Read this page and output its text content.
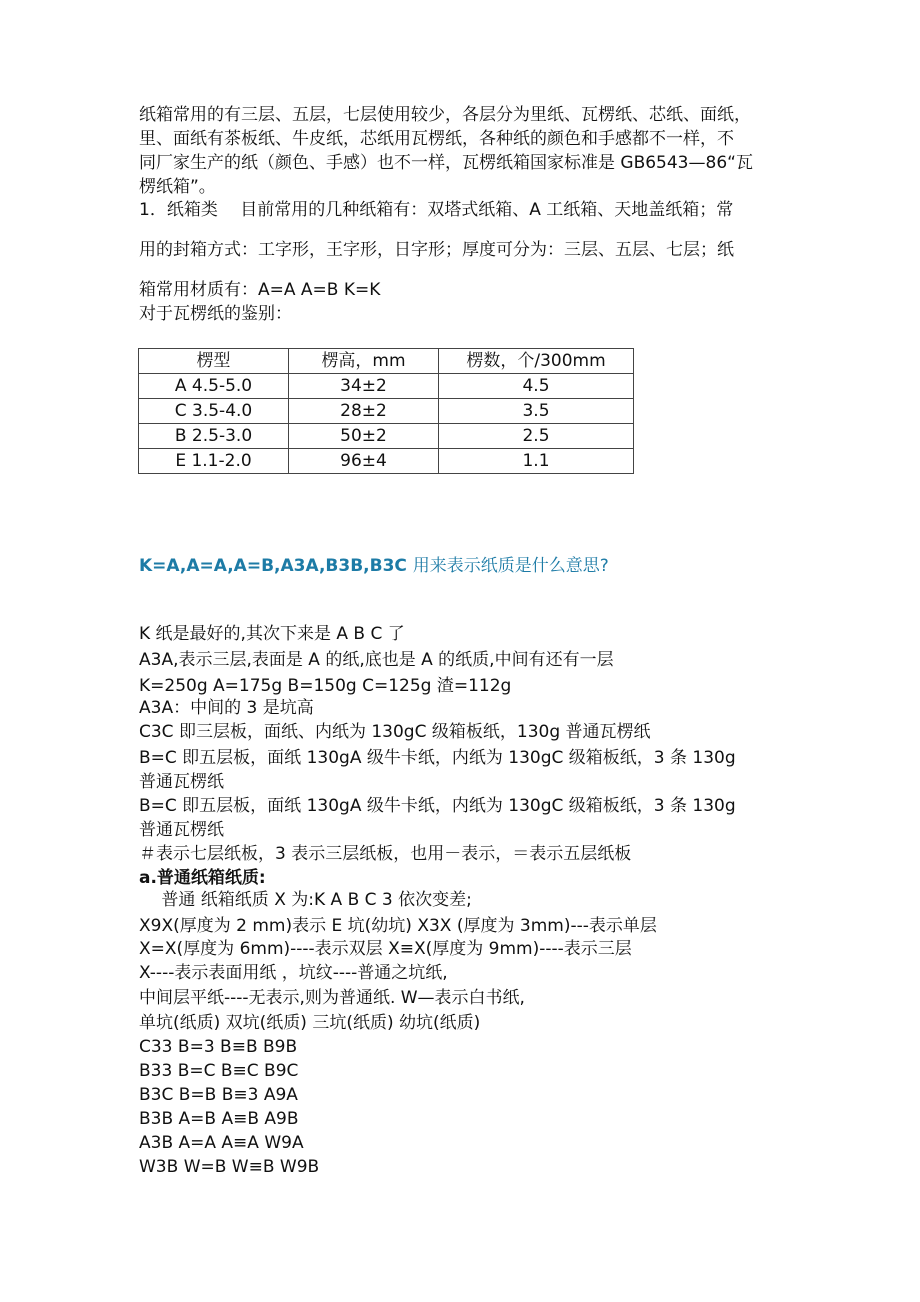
纸箱常用的有三层、五层，七层使用较少，各层分为里纸、瓦楞纸、芯纸、面纸，
里、面纸有茶板纸、牛皮纸，芯纸用瓦楞纸，各种纸的颜色和手感都不一样，不
同厂家生产的纸（颜色、手感）也不一样，瓦楞纸箱国家标准是 GB6543—86“瓦
楞纸箱”。
1．纸箱类　 目前常用的几种纸箱有：双塔式纸箱、A 工纸箱、天地盖纸箱；常
用的封箱方式：工字形，王字形，日字形；厚度可分为：三层、五层、七层；纸
箱常用材质有：A=A A=B K=K
对于瓦楞纸的鉴别：
楞型	楞高，mm	楞数，个/300mm
A 4.5-5.0	34±2	4.5
C 3.5-4.0	28±2	3.5
B 2.5-3.0	50±2	2.5
E 1.1-2.0	96±4	1.1
K=A,A=A,A=B,A3A,B3B,B3C 用来表示纸质是什么意思?
K 纸是最好的,其次下来是 A B C 了
A3A,表示三层,表面是 A 的纸,底也是 A 的纸质,中间有还有一层
K=250g A=175g B=150g C=125g 渣=112g
A3A：中间的 3 是坑高
C3C 即三层板，面纸、内纸为 130gC 级箱板纸，130g 普通瓦楞纸
B=C 即五层板，面纸 130gA 级牛卡纸，内纸为 130gC 级箱板纸，3 条 130g
普通瓦楞纸
B=C 即五层板，面纸 130gA 级牛卡纸，内纸为 130gC 级箱板纸，3 条 130g
普通瓦楞纸
＃表示七层纸板，3 表示三层纸板，也用－表示，＝表示五层纸板
a.普通纸箱纸质:
　 普通 纸箱纸质 X 为:K A B C 3 依次变差;
X9X(厚度为 2 mm)表示 E 坑(幼坑) X3X (厚度为 3mm)---表示单层
X=X(厚度为 6mm)----表示双层 X≡X(厚度为 9mm)----表示三层
X----表示表面用纸 ，坑纹----普通之坑纸,
中间层平纸----无表示,则为普通纸. W—表示白书纸,
单坑(纸质) 双坑(纸质) 三坑(纸质) 幼坑(纸质)
C33 B=3 B≡B B9B
B33 B=C B≡C B9C
B3C B=B B≡3 A9A
B3B A=B A≡B A9B
A3B A=A A≡A W9A
W3B W=B W≡B W9B
